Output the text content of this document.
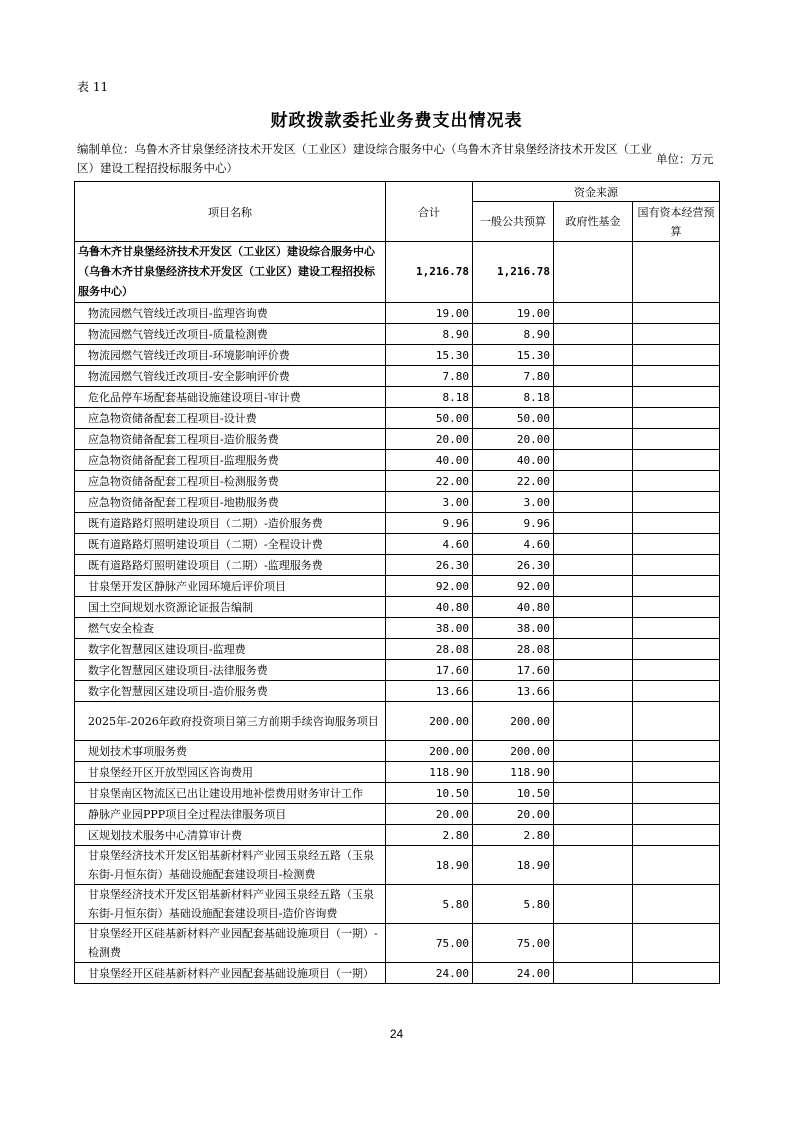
表 11
财政拨款委托业务费支出情况表
编制单位：乌鲁木齐甘泉堡经济技术开发区（工业区）建设综合服务中心（乌鲁木齐甘泉堡经济技术开发区（工业区）建设工程招投标服务中心）
单位：万元
项目名称	合计	资金来源		
		一般公共预算	政府性基金	国有资本经营预算
乌鲁木齐甘泉堡经济技术开发区（工业区）建设综合服务中心（乌鲁木齐甘泉堡经济技术开发区（工业区）建设工程招投标服务中心）	1,216.78	1,216.78		
物流园燃气管线迁改项目-监理咨询费	19.00	19.00		
物流园燃气管线迁改项目-质量检测费	8.90	8.90		
物流园燃气管线迁改项目-环境影响评价费	15.30	15.30		
物流园燃气管线迁改项目-安全影响评价费	7.80	7.80		
危化品停车场配套基础设施建设项目-审计费	8.18	8.18		
应急物资储备配套工程项目-设计费	50.00	50.00		
应急物资储备配套工程项目-造价服务费	20.00	20.00		
应急物资储备配套工程项目-监理服务费	40.00	40.00		
应急物资储备配套工程项目-检测服务费	22.00	22.00		
应急物资储备配套工程项目-地勘服务费	3.00	3.00		
既有道路路灯照明建设项目（二期）-造价服务费	9.96	9.96		
既有道路路灯照明建设项目（二期）-全程设计费	4.60	4.60		
既有道路路灯照明建设项目（二期）-监理服务费	26.30	26.30		
甘泉堡开发区静脉产业园环境后评价项目	92.00	92.00		
国土空间规划水资源论证报告编制	40.80	40.80		
燃气安全检查	38.00	38.00		
数字化智慧园区建设项目-监理费	28.08	28.08		
数字化智慧园区建设项目-法律服务费	17.60	17.60		
数字化智慧园区建设项目-造价服务费	13.66	13.66		
2025年-2026年政府投资项目第三方前期手续咨询服务项目	200.00	200.00		
规划技术事项服务费	200.00	200.00		
甘泉堡经开区开放型园区咨询费用	118.90	118.90		
甘泉堡南区物流区已出让建设用地补偿费用财务审计工作	10.50	10.50		
静脉产业园PPP项目全过程法律服务项目	20.00	20.00		
区规划技术服务中心清算审计费	2.80	2.80		
甘泉堡经济技术开发区铝基新材料产业园玉泉经五路（玉泉东街-月恒东街）基础设施配套建设项目-检测费	18.90	18.90		
甘泉堡经济技术开发区铝基新材料产业园玉泉经五路（玉泉东街-月恒东街）基础设施配套建设项目-造价咨询费	5.80	5.80		
甘泉堡经开区硅基新材料产业园配套基础设施项目（一期）-检测费	75.00	75.00		
甘泉堡经开区硅基新材料产业园配套基础设施项目（一期）	24.00	24.00		
24
